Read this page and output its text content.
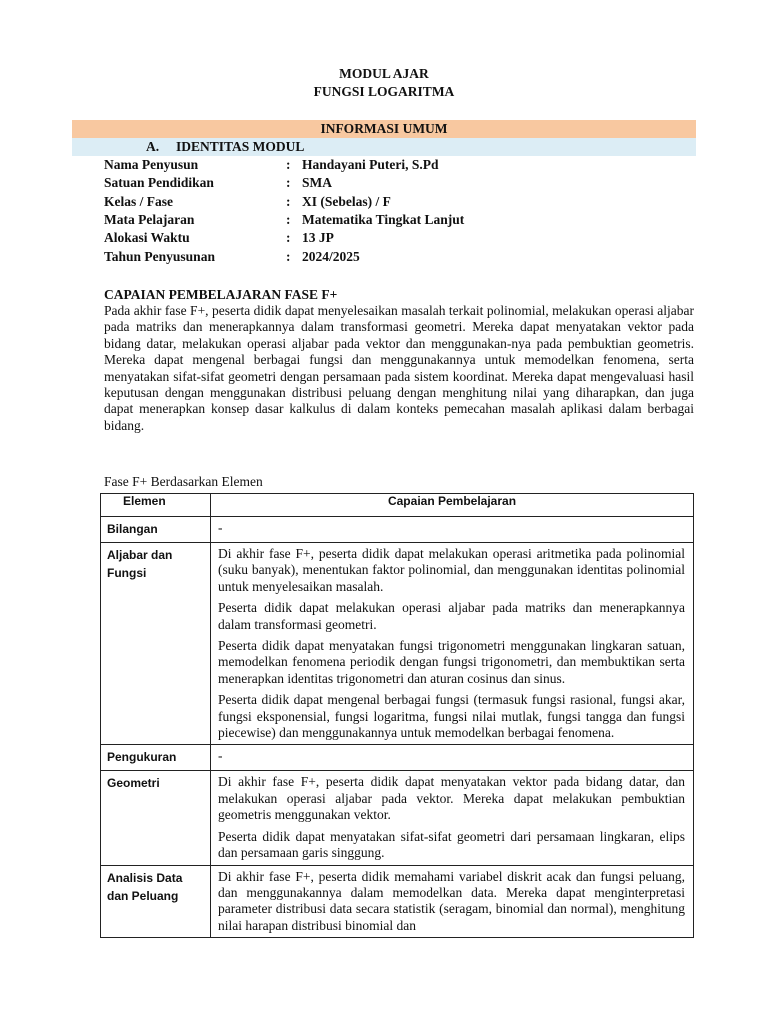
MODUL AJAR
FUNGSI LOGARITMA
INFORMASI UMUM
A. IDENTITAS MODUL
Nama Penyusun	: Handayani Puteri, S.Pd
Satuan Pendidikan	: SMA
Kelas / Fase	: XI (Sebelas) / F
Mata Pelajaran	: Matematika Tingkat Lanjut
Alokasi Waktu	: 13 JP
Tahun Penyusunan	: 2024/2025
CAPAIAN PEMBELAJARAN FASE F+

Pada akhir fase F+, peserta didik dapat menyelesaikan masalah terkait polinomial, melakukan operasi aljabar pada matriks dan menerapkannya dalam transformasi geometri. Mereka dapat menyatakan vektor pada bidang datar, melakukan operasi aljabar pada vektor dan menggunakan-nya pada pembuktian geometris. Mereka dapat mengenal berbagai fungsi dan menggunakannya untuk memodelkan fenomena, serta menyatakan sifat-sifat geometri dengan persamaan pada sistem koordinat. Mereka dapat mengevaluasi hasil keputusan dengan menggunakan distribusi peluang dengan menghitung nilai yang diharapkan, dan juga dapat menerapkan konsep dasar kalkulus di dalam konteks pemecahan masalah aplikasi dalam berbagai bidang.

Fase F+ Berdasarkan Elemen
Elemen	Capaian Pembelajaran
Bilangan	-

Aljabar dan Fungsi	Di akhir fase F+, peserta didik dapat melakukan operasi aritmetika pada polinomial (suku banyak), menentukan faktor polinomial, dan menggunakan identitas polinomial untuk menyelesaikan masalah.

Peserta didik dapat melakukan operasi aljabar pada matriks dan menerapkannya dalam transformasi geometri.

Peserta didik dapat menyatakan fungsi trigonometri menggunakan lingkaran satuan, memodelkan fenomena periodik dengan fungsi trigonometri, dan membuktikan serta menerapkan identitas trigonometri dan aturan cosinus dan sinus.

Peserta didik dapat mengenal berbagai fungsi (termasuk fungsi rasional, fungsi akar, fungsi eksponensial, fungsi logaritma, fungsi nilai mutlak, fungsi tangga dan fungsi piecewise) dan menggunakannya untuk memodelkan berbagai fenomena.

Pengukuran	-

Geometri	Di akhir fase F+, peserta didik dapat menyatakan vektor pada bidang datar, dan melakukan operasi aljabar pada vektor. Mereka dapat melakukan pembuktian geometris menggunakan vektor.

Peserta didik dapat menyatakan sifat-sifat geometri dari persamaan lingkaran, elips dan persamaan garis singgung.

Analisis Data dan Peluang	Di akhir fase F+, peserta didik memahami variabel diskrit acak dan fungsi peluang, dan menggunakannya dalam memodelkan data. Mereka dapat menginterpretasi parameter distribusi data secara statistik (seragam, binomial dan normal), menghitung nilai harapan distribusi binomial dan
